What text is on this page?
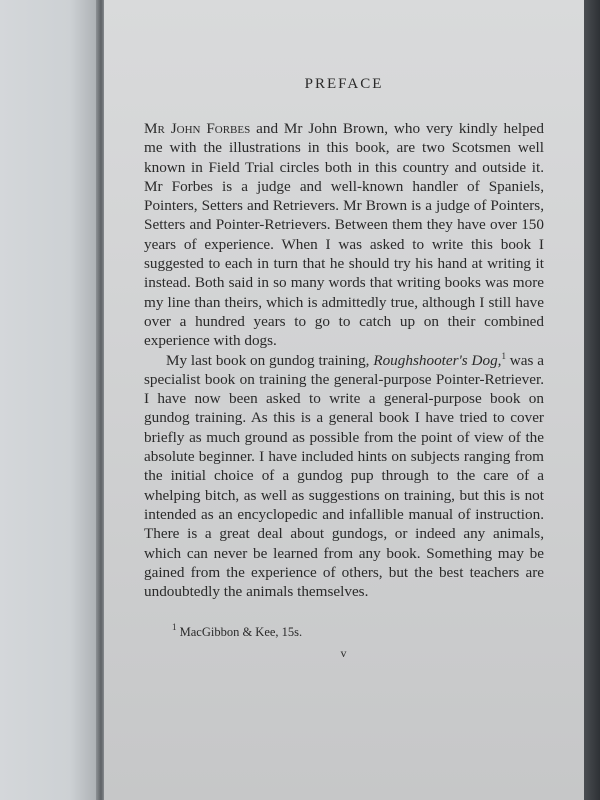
PREFACE

Mr John Forbes and Mr John Brown, who very kindly helped me with the illustrations in this book, are two Scotsmen well known in Field Trial circles both in this country and outside it. Mr Forbes is a judge and well-known handler of Spaniels, Pointers, Setters and Retrievers. Mr Brown is a judge of Pointers, Setters and Pointer-Retrievers. Between them they have over 150 years of experience. When I was asked to write this book I suggested to each in turn that he should try his hand at writing it instead. Both said in so many words that writing books was more my line than theirs, which is admittedly true, although I still have over a hundred years to go to catch up on their combined experience with dogs.

My last book on gundog training, Roughshooter's Dog,$^1$ was a specialist book on training the general-purpose Pointer-Retriever. I have now been asked to write a general-purpose book on gundog training. As this is a general book I have tried to cover briefly as much ground as possible from the point of view of the absolute beginner. I have included hints on subjects ranging from the initial choice of a gundog pup through to the care of a whelping bitch, as well as suggestions on training, but this is not intended as an encyclopedic and infallible manual of instruction. There is a great deal about gundogs, or indeed any animals, which can never be learned from any book. Something may be gained from the experience of others, but the best teachers are undoubtedly the animals themselves.

$^1$ MacGibbon & Kee, 15s.
v
